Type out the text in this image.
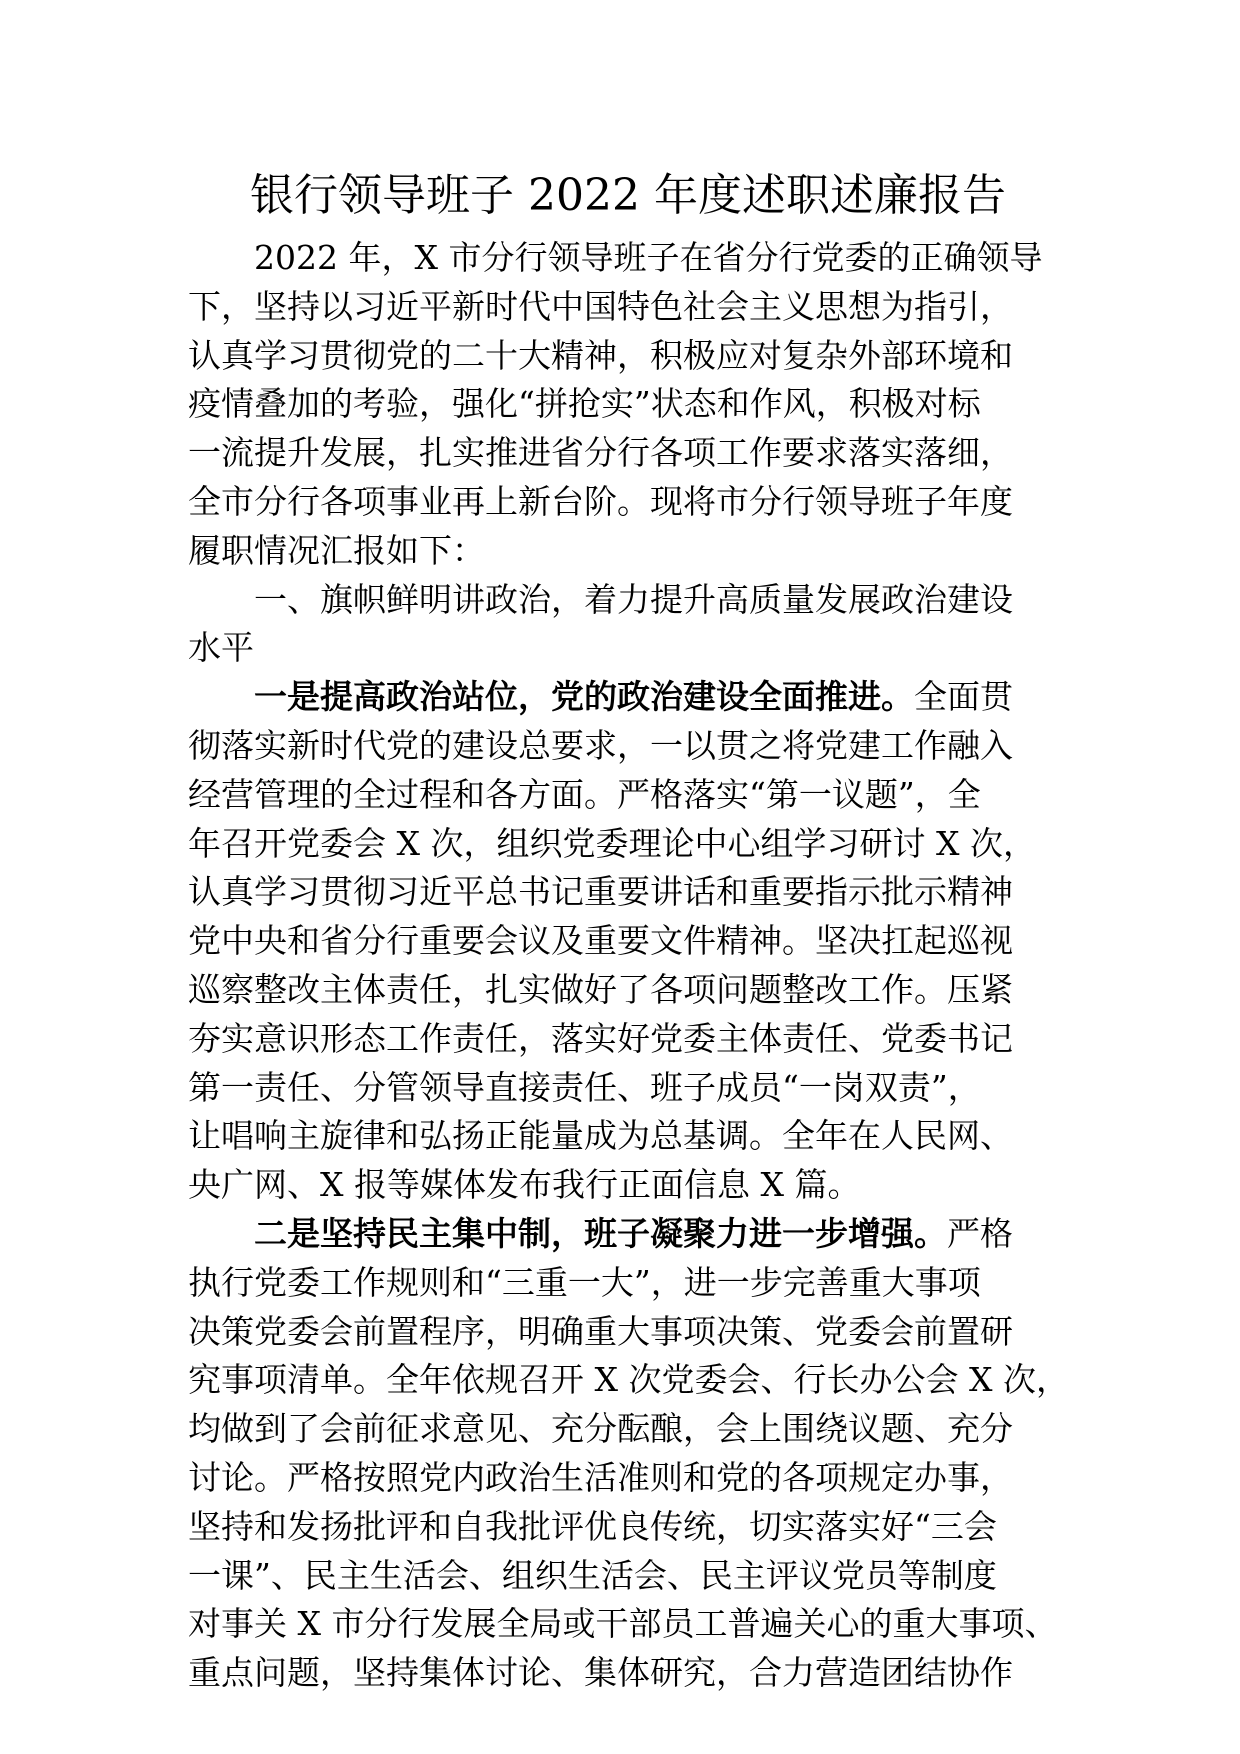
银行领导班子 2022 年度述职述廉报告
2022 年，X 市分行领导班子在省分行党委的正确领导
下，坚持以习近平新时代中国特色社会主义思想为指引，
认真学习贯彻党的二十大精神，积极应对复杂外部环境和
疫情叠加的考验，强化“拼抢实”状态和作风，积极对标
一流提升发展，扎实推进省分行各项工作要求落实落细，
全市分行各项事业再上新台阶。现将市分行领导班子年度
履职情况汇报如下：
一、旗帜鲜明讲政治，着力提升高质量发展政治建设
水平
一是提高政治站位，党的政治建设全面推进。全面贯
彻落实新时代党的建设总要求，一以贯之将党建工作融入
经营管理的全过程和各方面。严格落实“第一议题”，全
年召开党委会 X 次，组织党委理论中心组学习研讨 X 次，
认真学习贯彻习近平总书记重要讲话和重要指示批示精神
党中央和省分行重要会议及重要文件精神。坚决扛起巡视
巡察整改主体责任，扎实做好了各项问题整改工作。压紧
夯实意识形态工作责任，落实好党委主体责任、党委书记
第一责任、分管领导直接责任、班子成员“一岗双责”，
让唱响主旋律和弘扬正能量成为总基调。全年在人民网、
央广网、X 报等媒体发布我行正面信息 X 篇。
二是坚持民主集中制，班子凝聚力进一步增强。严格
执行党委工作规则和“三重一大”，进一步完善重大事项
决策党委会前置程序，明确重大事项决策、党委会前置研
究事项清单。全年依规召开 X 次党委会、行长办公会 X 次，
均做到了会前征求意见、充分酝酿，会上围绕议题、充分
讨论。严格按照党内政治生活准则和党的各项规定办事，
坚持和发扬批评和自我批评优良传统，切实落实好“三会
一课”、民主生活会、组织生活会、民主评议党员等制度
对事关 X 市分行发展全局或干部员工普遍关心的重大事项、
重点问题，坚持集体讨论、集体研究，合力营造团结协作
